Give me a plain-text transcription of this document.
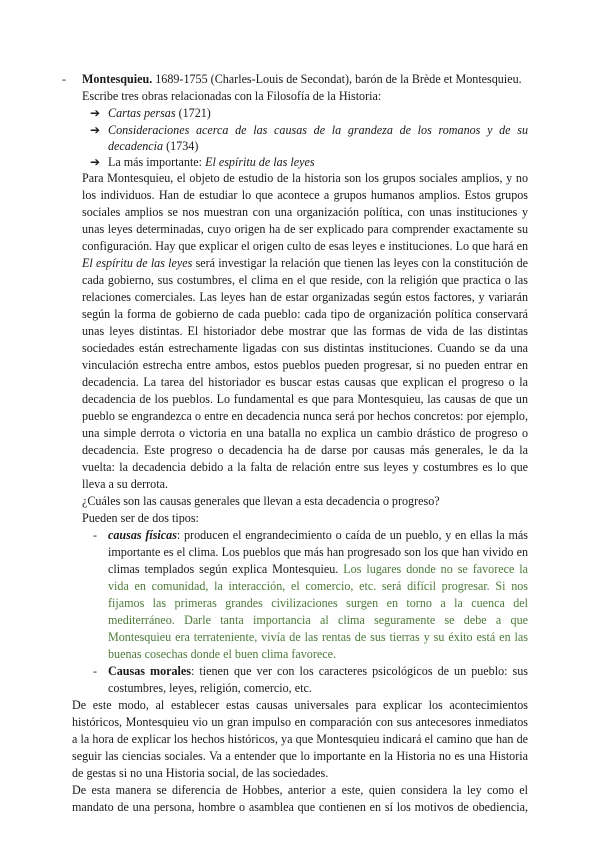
- Montesquieu. 1689-1755 (Charles-Louis de Secondat), barón de la Brède et Montesquieu.
Escribe tres obras relacionadas con la Filosofía de la Historia:
➔ Cartas persas (1721)
➔ Consideraciones acerca de las causas de la grandeza de los romanos y de su
decadencia (1734)
➔ La más importante: El espíritu de las leyes
Para Montesquieu, el objeto de estudio de la historia son los grupos sociales amplios, y no
los individuos. Han de estudiar lo que acontece a grupos humanos amplios. Estos grupos
sociales amplios se nos muestran con una organización política, con unas instituciones y
unas leyes determinadas, cuyo origen ha de ser explicado para comprender exactamente su
configuración. Hay que explicar el origen culto de esas leyes e instituciones. Lo que hará en
El espíritu de las leyes será investigar la relación que tienen las leyes con la constitución de
cada gobierno, sus costumbres, el clima en el que reside, con la religión que practica o las
relaciones comerciales. Las leyes han de estar organizadas según estos factores, y variarán
según la forma de gobierno de cada pueblo: cada tipo de organización política conservará
unas leyes distintas. El historiador debe mostrar que las formas de vida de las distintas
sociedades están estrechamente ligadas con sus distintas instituciones. Cuando se da una
vinculación estrecha entre ambos, estos pueblos pueden progresar, si no pueden entrar en
decadencia. La tarea del historiador es buscar estas causas que explican el progreso o la
decadencia de los pueblos. Lo fundamental es que para Montesquieu, las causas de que un
pueblo se engrandezca o entre en decadencia nunca será por hechos concretos: por ejemplo,
una simple derrota o victoria en una batalla no explica un cambio drástico de progreso o
decadencia. Este progreso o decadencia ha de darse por causas más generales, le da la
vuelta: la decadencia debido a la falta de relación entre sus leyes y costumbres es lo que
lleva a su derrota.
¿Cuáles son las causas generales que llevan a esta decadencia o progreso?
Pueden ser de dos tipos:
- causas físicas: producen el engrandecimiento o caída de un pueblo, y en ellas la más
importante es el clima. Los pueblos que más han progresado son los que han vivido en
climas templados según explica Montesquieu. Los lugares donde no se favorece la
vida en comunidad, la interacción, el comercio, etc. será difícil progresar. Si nos
fijamos las primeras grandes civilizaciones surgen en torno a la cuenca del
mediterráneo. Darle tanta importancia al clima seguramente se debe a que
Montesquieu era terrateniente, vivía de las rentas de sus tierras y su éxito está en las
buenas cosechas donde el buen clima favorece.
- Causas morales: tienen que ver con los caracteres psicológicos de un pueblo: sus
costumbres, leyes, religión, comercio, etc.
De este modo, al establecer estas causas universales para explicar los acontecimientos
históricos, Montesquieu vio un gran impulso en comparación con sus antecesores inmediatos
a la hora de explicar los hechos históricos, ya que Montesquieu indicará el camino que han de
seguir las ciencias sociales. Va a entender que lo importante en la Historia no es una Historia
de gestas si no una Historia social, de las sociedades.
De esta manera se diferencia de Hobbes, anterior a este, quien considera la ley como el
mandato de una persona, hombre o asamblea que contienen en sí los motivos de obediencia,
